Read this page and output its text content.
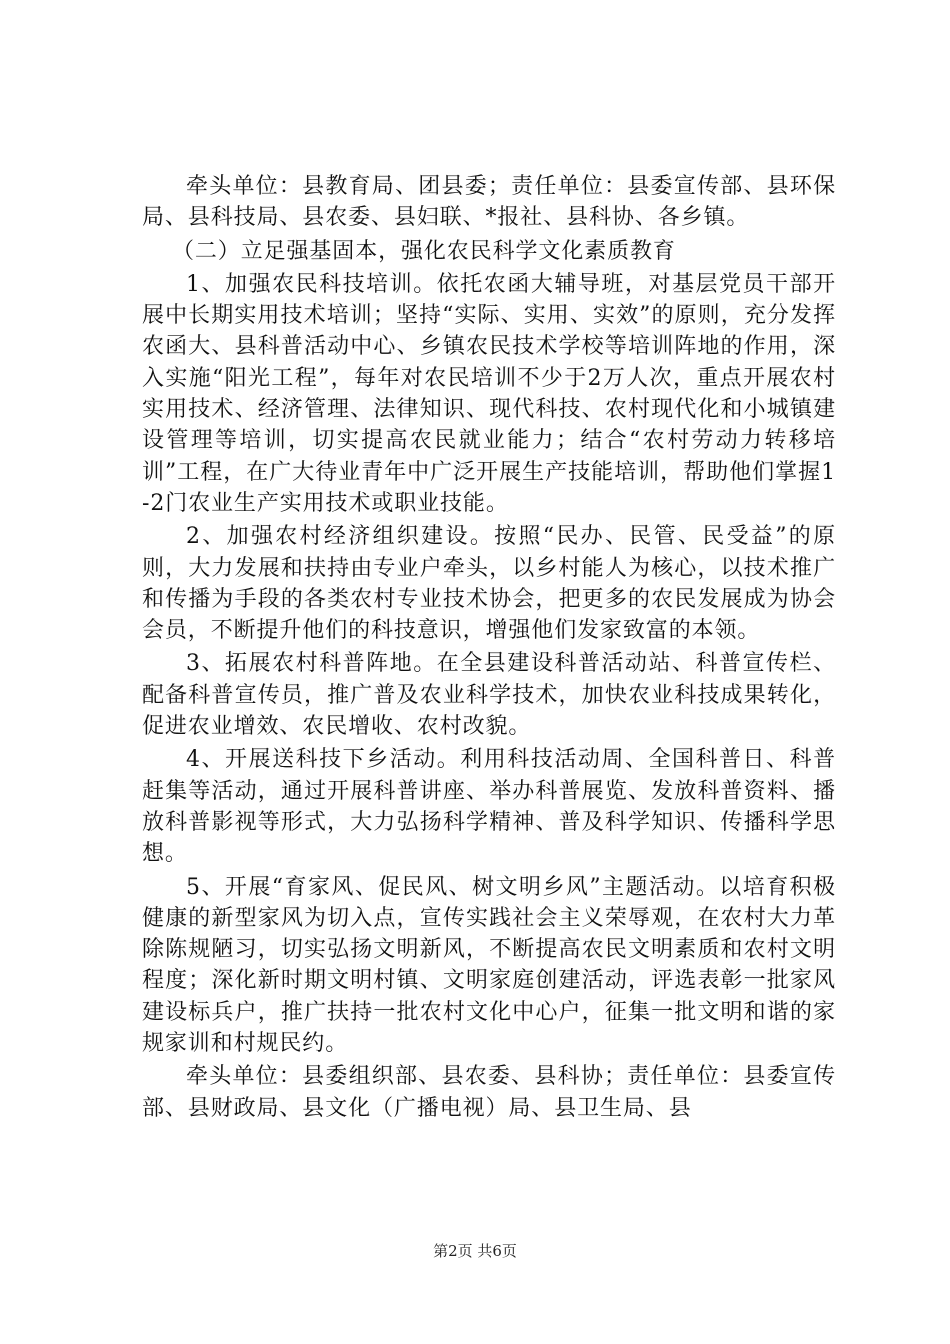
牵头单位：县教育局、团县委；责任单位：县委宣传部、县环保局、县科技局、县农委、县妇联、*报社、县科协、各乡镇。

（二）立足强基固本，强化农民科学文化素质教育

1、加强农民科技培训。依托农函大辅导班，对基层党员干部开展中长期实用技术培训；坚持“实际、实用、实效”的原则，充分发挥农函大、县科普活动中心、乡镇农民技术学校等培训阵地的作用，深入实施“阳光工程”，每年对农民培训不少于2万人次，重点开展农村实用技术、经济管理、法律知识、现代科技、农村现代化和小城镇建设管理等培训，切实提高农民就业能力；结合“农村劳动力转移培训”工程，在广大待业青年中广泛开展生产技能培训，帮助他们掌握1-2门农业生产实用技术或职业技能。

2、加强农村经济组织建设。按照“民办、民管、民受益”的原则，大力发展和扶持由专业户牵头，以乡村能人为核心，以技术推广和传播为手段的各类农村专业技术协会，把更多的农民发展成为协会会员，不断提升他们的科技意识，增强他们发家致富的本领。

3、拓展农村科普阵地。在全县建设科普活动站、科普宣传栏、配备科普宣传员，推广普及农业科学技术，加快农业科技成果转化，促进农业增效、农民增收、农村改貌。

4、开展送科技下乡活动。利用科技活动周、全国科普日、科普赶集等活动，通过开展科普讲座、举办科普展览、发放科普资料、播放科普影视等形式，大力弘扬科学精神、普及科学知识、传播科学思想。

5、开展“育家风、促民风、树文明乡风”主题活动。以培育积极健康的新型家风为切入点，宣传实践社会主义荣辱观，在农村大力革除陈规陋习，切实弘扬文明新风，不断提高农民文明素质和农村文明程度；深化新时期文明村镇、文明家庭创建活动，评选表彰一批家风建设标兵户，推广扶持一批农村文化中心户，征集一批文明和谐的家规家训和村规民约。

牵头单位：县委组织部、县农委、县科协；责任单位：县委宣传部、县财政局、县文化（广播电视）局、县卫生局、县

第2页 共6页
